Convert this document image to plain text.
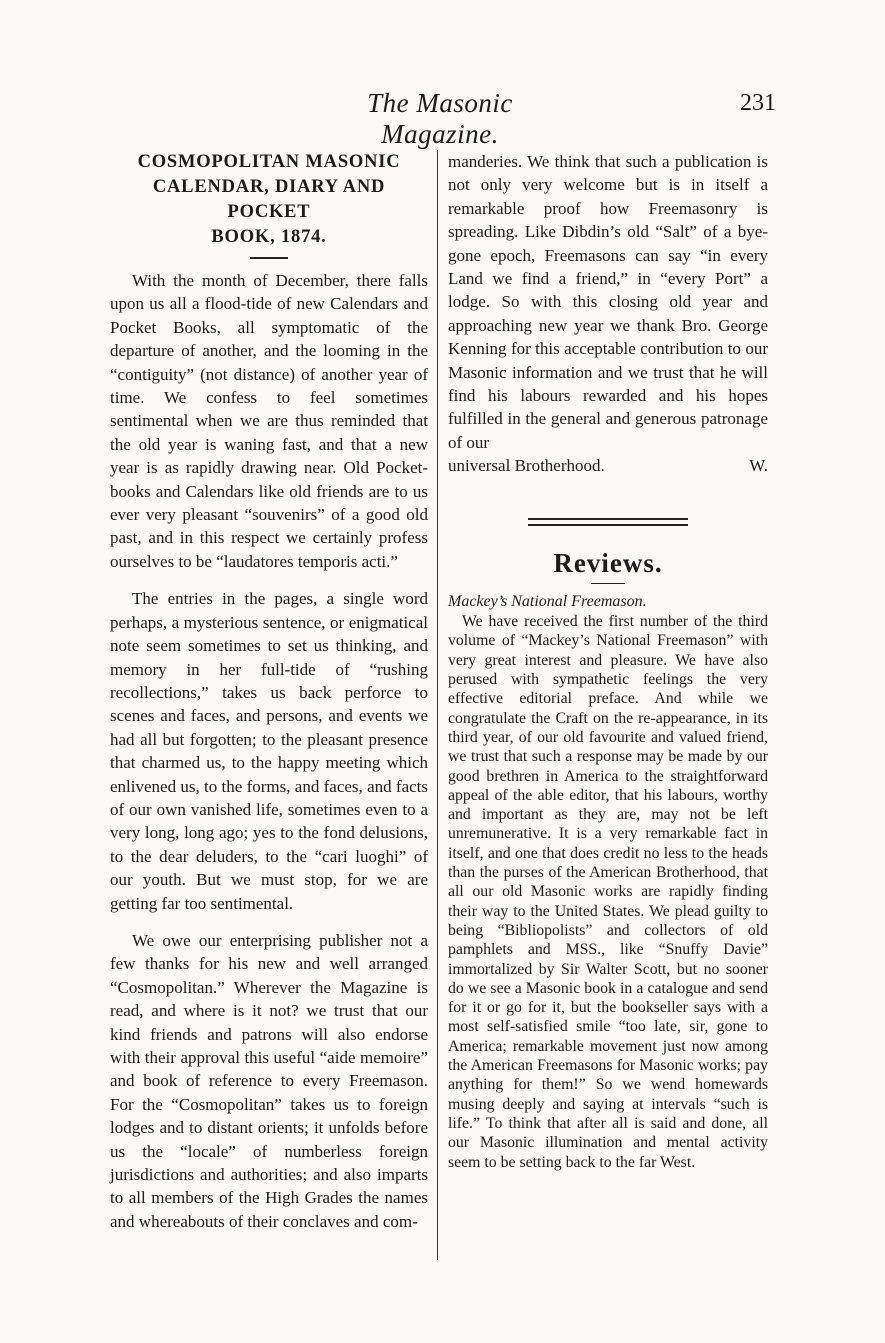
The Masonic Magazine.
231
COSMOPOLITAN MASONIC
CALENDAR, DIARY AND POCKET
BOOK, 1874.

With the month of December, there falls upon us all a flood-tide of new Calendars and Pocket Books, all symptomatic of the departure of another, and the looming in the “contiguity” (not distance) of another year of time. We confess to feel sometimes sentimental when we are thus reminded that the old year is waning fast, and that a new year is as rapidly drawing near. Old Pocket-books and Calendars like old friends are to us ever very pleasant “souvenirs” of a good old past, and in this respect we certainly profess ourselves to be “laudatores temporis acti.”

The entries in the pages, a single word perhaps, a mysterious sentence, or enigmatical note seem sometimes to set us thinking, and memory in her full-tide of “rushing recollections,” takes us back perforce to scenes and faces, and persons, and events we had all but forgotten; to the pleasant presence that charmed us, to the happy meeting which enlivened us, to the forms, and faces, and facts of our own vanished life, sometimes even to a very long, long ago; yes to the fond delusions, to the dear deluders, to the “cari luoghi” of our youth. But we must stop, for we are getting far too sentimental.

We owe our enterprising publisher not a few thanks for his new and well arranged “Cosmopolitan.” Wherever the Magazine is read, and where is it not? we trust that our kind friends and patrons will also endorse with their approval this useful “aide memoire” and book of reference to every Freemason. For the “Cosmopolitan” takes us to foreign lodges and to distant orients; it unfolds before us the “locale” of numberless foreign jurisdictions and authorities; and also imparts to all members of the High Grades the names and whereabouts of their conclaves and com-

manderies. We think that such a publication is not only very welcome but is in itself a remarkable proof how Freemasonry is spreading. Like Dibdin’s old “Salt” of a bye-gone epoch, Freemasons can say “in every Land we find a friend,” in “every Port” a lodge. So with this closing old year and approaching new year we thank Bro. George Kenning for this acceptable contribution to our Masonic information and we trust that he will find his labours rewarded and his hopes fulfilled in the general and generous patronage of our

universal Brotherhood.	W.
Reviews.
Mackey’s National Freemason.

We have received the first number of the third volume of “Mackey’s National Freemason” with very great interest and pleasure. We have also perused with sympathetic feelings the very effective editorial preface. And while we congratulate the Craft on the re-appearance, in its third year, of our old favourite and valued friend, we trust that such a response may be made by our good brethren in America to the straightforward appeal of the able editor, that his labours, worthy and important as they are, may not be left unremunerative. It is a very remarkable fact in itself, and one that does credit no less to the heads than the purses of the American Brotherhood, that all our old Masonic works are rapidly finding their way to the United States. We plead guilty to being “Bibliopolists” and collectors of old pamphlets and MSS., like “Snuffy Davie” immortalized by Sir Walter Scott, but no sooner do we see a Masonic book in a catalogue and send for it or go for it, but the bookseller says with a most self-satisfied smile “too late, sir, gone to America; remarkable movement just now among the American Freemasons for Masonic works; pay anything for them!” So we wend homewards musing deeply and saying at intervals “such is life.” To think that after all is said and done, all our Masonic illumination and mental activity seem to be setting back to the far West.
